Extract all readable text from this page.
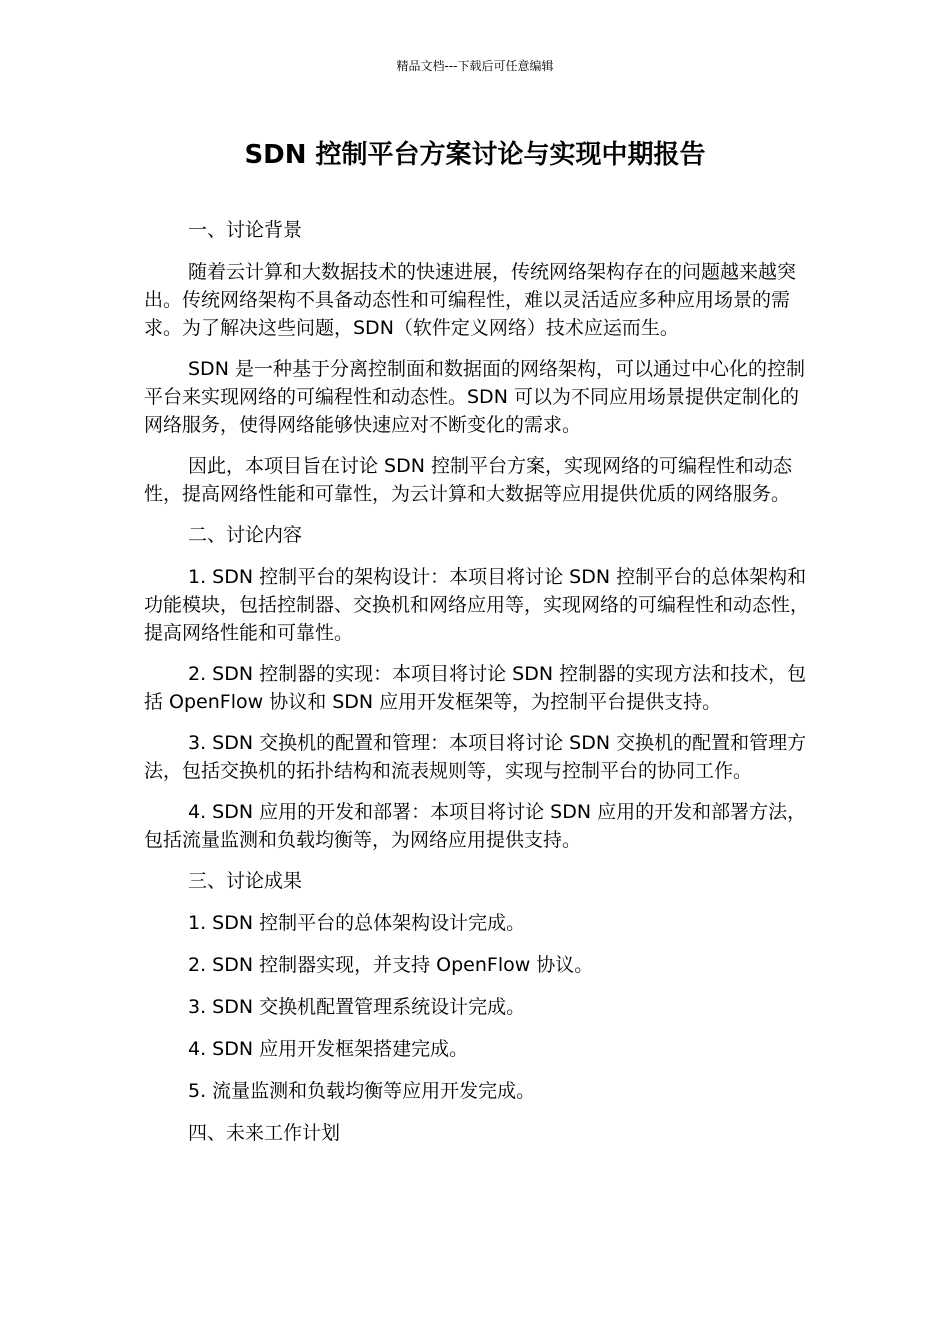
精品文档---下载后可任意编辑
SDN 控制平台方案讨论与实现中期报告

一、讨论背景

随着云计算和大数据技术的快速进展，传统网络架构存在的问题越来越突出。传统网络架构不具备动态性和可编程性，难以灵活适应多种应用场景的需求。为了解决这些问题，SDN（软件定义网络）技术应运而生。

SDN 是一种基于分离控制面和数据面的网络架构，可以通过中心化的控制平台来实现网络的可编程性和动态性。SDN 可以为不同应用场景提供定制化的网络服务，使得网络能够快速应对不断变化的需求。

因此，本项目旨在讨论 SDN 控制平台方案，实现网络的可编程性和动态性，提高网络性能和可靠性，为云计算和大数据等应用提供优质的网络服务。

二、讨论内容

1. SDN 控制平台的架构设计：本项目将讨论 SDN 控制平台的总体架构和功能模块，包括控制器、交换机和网络应用等，实现网络的可编程性和动态性，提高网络性能和可靠性。

2. SDN 控制器的实现：本项目将讨论 SDN 控制器的实现方法和技术，包括 OpenFlow 协议和 SDN 应用开发框架等，为控制平台提供支持。

3. SDN 交换机的配置和管理：本项目将讨论 SDN 交换机的配置和管理方法，包括交换机的拓扑结构和流表规则等，实现与控制平台的协同工作。

4. SDN 应用的开发和部署：本项目将讨论 SDN 应用的开发和部署方法，包括流量监测和负载均衡等，为网络应用提供支持。

三、讨论成果

1. SDN 控制平台的总体架构设计完成。

2. SDN 控制器实现，并支持 OpenFlow 协议。

3. SDN 交换机配置管理系统设计完成。

4. SDN 应用开发框架搭建完成。

5. 流量监测和负载均衡等应用开发完成。

四、未来工作计划
